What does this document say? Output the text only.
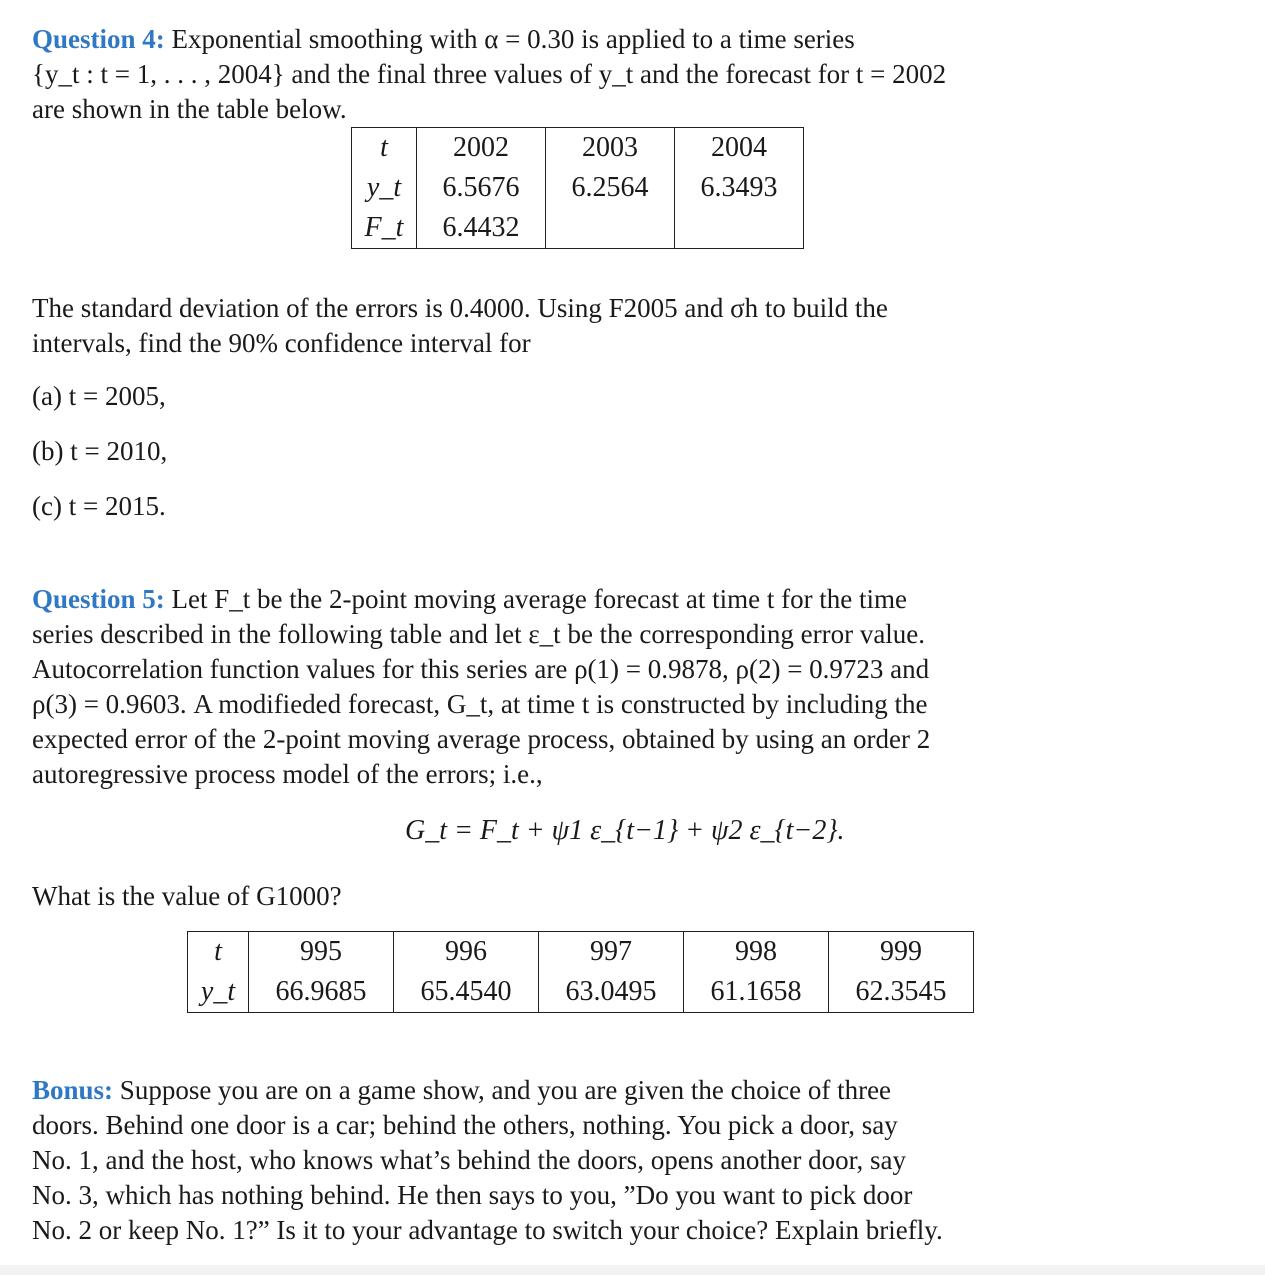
Question 4: Exponential smoothing with α = 0.30 is applied to a time series
{y_t : t = 1, . . . , 2004} and the final three values of y_t and the forecast for t = 2002
are shown in the table below.

t	2002	2003	2004
y_t	6.5676	6.2564	6.3493
F_t	6.4432		

The standard deviation of the errors is 0.4000. Using F2005 and σh to build the
intervals, find the 90% confidence interval for

(a) t = 2005,
(b) t = 2010,
(c) t = 2015.

Question 5: Let F_t be the 2-point moving average forecast at time t for the time
series described in the following table and let ε_t be the corresponding error value.
Autocorrelation function values for this series are ρ(1) = 0.9878, ρ(2) = 0.9723 and
ρ(3) = 0.9603. A modifieded forecast, G_t, at time t is constructed by including the
expected error of the 2-point moving average process, obtained by using an order 2
autoregressive process model of the errors; i.e.,

G_t = F_t + ψ1 ε_{t−1} + ψ2 ε_{t−2}.

What is the value of G1000?

t	995	996	997	998	999
y_t	66.9685	65.4540	63.0495	61.1658	62.3545

Bonus: Suppose you are on a game show, and you are given the choice of three
doors. Behind one door is a car; behind the others, nothing. You pick a door, say
No. 1, and the host, who knows what’s behind the doors, opens another door, say
No. 3, which has nothing behind. He then says to you, ”Do you want to pick door
No. 2 or keep No. 1?” Is it to your advantage to switch your choice? Explain briefly.
